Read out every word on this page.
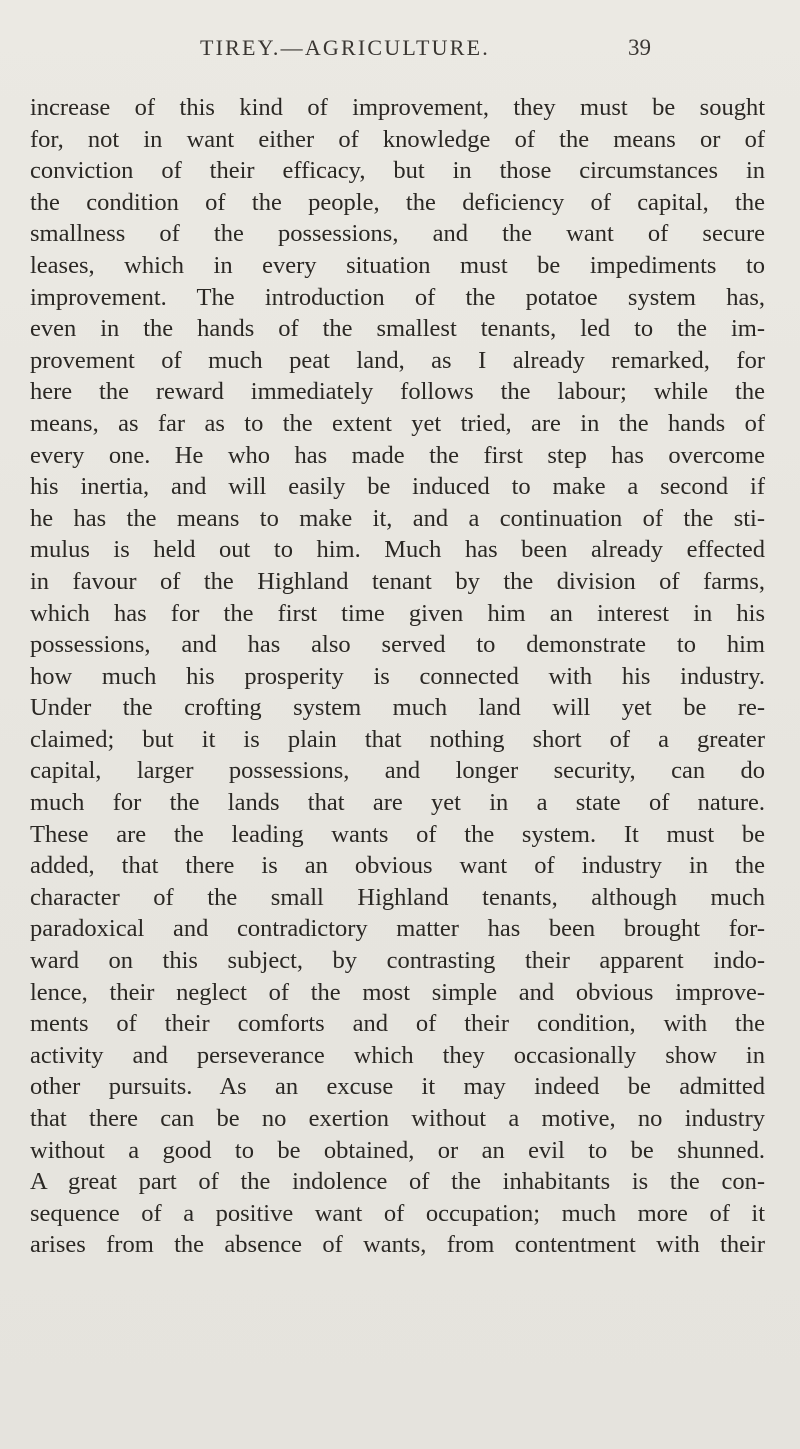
TIREY.—AGRICULTURE.	39
increase of this kind of improvement, they must be sought
for, not in want either of knowledge of the means or of
conviction of their efficacy, but in those circumstances in
the condition of the people, the deficiency of capital, the
smallness of the possessions, and the want of secure
leases, which in every situation must be impediments to
improvement. The introduction of the potatoe system has,
even in the hands of the smallest tenants, led to the im-
provement of much peat land, as I already remarked, for
here the reward immediately follows the labour; while the
means, as far as to the extent yet tried, are in the hands of
every one. He who has made the first step has overcome
his inertia, and will easily be induced to make a second if
he has the means to make it, and a continuation of the sti-
mulus is held out to him. Much has been already effected
in favour of the Highland tenant by the division of farms,
which has for the first time given him an interest in his
possessions, and has also served to demonstrate to him
how much his prosperity is connected with his industry.
Under the crofting system much land will yet be re-
claimed; but it is plain that nothing short of a greater
capital, larger possessions, and longer security, can do
much for the lands that are yet in a state of nature.
These are the leading wants of the system. It must be
added, that there is an obvious want of industry in the
character of the small Highland tenants, although much
paradoxical and contradictory matter has been brought for-
ward on this subject, by contrasting their apparent indo-
lence, their neglect of the most simple and obvious improve-
ments of their comforts and of their condition, with the
activity and perseverance which they occasionally show in
other pursuits. As an excuse it may indeed be admitted
that there can be no exertion without a motive, no industry
without a good to be obtained, or an evil to be shunned.
A great part of the indolence of the inhabitants is the con-
sequence of a positive want of occupation; much more of it
arises from the absence of wants, from contentment with their
